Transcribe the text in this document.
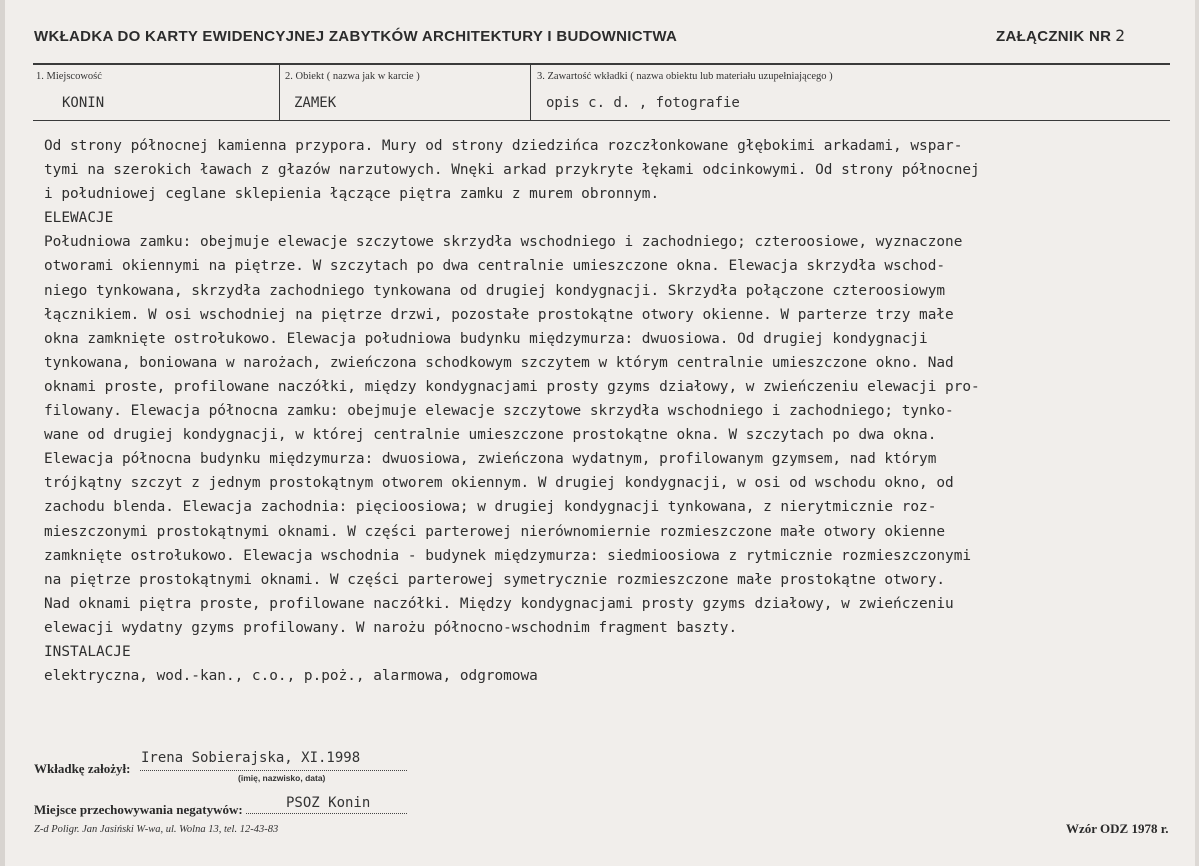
WKŁADKA DO KARTY EWIDENCYJNEJ ZABYTKÓW ARCHITEKTURY I BUDOWNICTWA	ZAŁĄCZNIK NR 2
1. Miejscowość
KONIN
2. Obiekt ( nazwa jak w karcie )
ZAMEK
3. Zawartość wkładki ( nazwa obiektu lub materiału uzupełniającego )
opis c. d. , fotografie
Od strony północnej kamienna przypora. Mury od strony dziedzińca rozczłonkowane głębokimi arkadami, wspar-
tymi na szerokich ławach z głazów narzutowych. Wnęki arkad przykryte łękami odcinkowymi. Od strony północnej
i południowej ceglane sklepienia łączące piętra zamku z murem obronnym.
ELEWACJE
Południowa zamku: obejmuje elewacje szczytowe skrzydła wschodniego i zachodniego; czteroosiowe, wyznaczone
otworami okiennymi na piętrze. W szczytach po dwa centralnie umieszczone okna. Elewacja skrzydła wschod-
niego tynkowana, skrzydła zachodniego tynkowana od drugiej kondygnacji. Skrzydła połączone czteroosiowym
łącznikiem. W osi wschodniej na piętrze drzwi, pozostałe prostokątne otwory okienne. W parterze trzy małe
okna zamknięte ostrołukowo. Elewacja południowa budynku międzymurza: dwuosiowa. Od drugiej kondygnacji
tynkowana, boniowana w narożach, zwieńczona schodkowym szczytem w którym centralnie umieszczone okno. Nad
oknami proste, profilowane naczółki, między kondygnacjami prosty gzyms działowy, w zwieńczeniu elewacji pro-
filowany. Elewacja północna zamku: obejmuje elewacje szczytowe skrzydła wschodniego i zachodniego; tynko-
wane od drugiej kondygnacji, w której centralnie umieszczone prostokątne okna. W szczytach po dwa okna.
Elewacja północna budynku międzymurza: dwuosiowa, zwieńczona wydatnym, profilowanym gzymsem, nad którym
trójkątny szczyt z jednym prostokątnym otworem okiennym. W drugiej kondygnacji, w osi od wschodu okno, od
zachodu blenda. Elewacja zachodnia: pięcioosiowa; w drugiej kondygnacji tynkowana, z nierytmicznie roz-
mieszczonymi prostokątnymi oknami. W części parterowej nierównomiernie rozmieszczone małe otwory okienne
zamknięte ostrołukowo. Elewacja wschodnia - budynek międzymurza: siedmioosiowa z rytmicznie rozmieszczonymi
na piętrze prostokątnymi oknami. W części parterowej symetrycznie rozmieszczone małe prostokątne otwory.
Nad oknami piętra proste, profilowane naczółki. Między kondygnacjami prosty gzyms działowy, w zwieńczeniu
elewacji wydatny gzyms profilowany. W narożu północno-wschodnim fragment baszty.
INSTALACJE
elektryczna, wod.-kan., c.o., p.poż., alarmowa, odgromowa
Wkładkę założył:
Irena Sobierajska, XI.1998
(imię, nazwisko, data)
Miejsce przechowywania negatywów:	PSOZ Konin
Z-d Poligr. Jan Jasiński W-wa, ul. Wolna 13, tel. 12-43-83	Wzór ODZ 1978 r.
